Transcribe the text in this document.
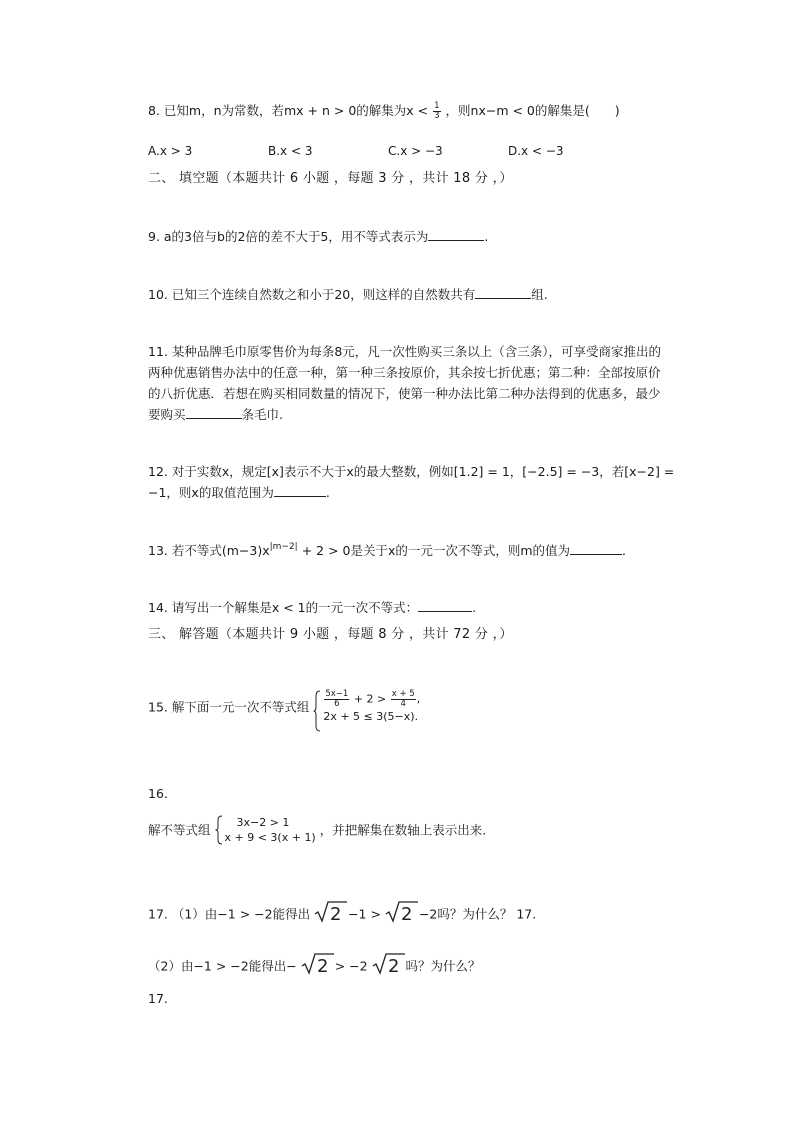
8. 已知m，n为常数，若mx + n > 0的解集为$x < \frac{1}{3}$ ，则nx−m < 0的解集是(　　)
A.x > 3	B.x < 3	C.x > −3	D.x < −3
二、 填空题（本题共计 6 小题 ，每题 3 分 ，共计 18 分 ，）
9. a的3倍与b的2倍的差不大于5，用不等式表示为	.
10. 已知三个连续自然数之和小于20，则这样的自然数共有	组.
11. 某种品牌毛巾原零售价为每条8元，凡一次性购买三条以上（含三条），可享受商家推出的两种优惠销售办法中的任意一种，第一种三条按原价，其余按七折优惠；第二种：全部按原价的八折优惠．若想在购买相同数量的情况下，使第一种办法比第二种办法得到的优惠多，最少要购买	条毛巾.
12. 对于实数x，规定[x]表示不大于x的最大整数，例如[1.2] = 1，[−2.5] = −3，若[x−2] =
−1，则x的取值范围为	.
13. 若不等式$(m-3)x^{|m-2|} + 2 > 0$是关于x的一元一次不等式，则m的值为	.
14. 请写出一个解集是x < 1的一元一次不等式：	.
三、 解答题（本题共计 9 小题 ，每题 8 分 ，共计 72 分 ，）
15. 解下面一元一次不等式组 $\frac{5x-1}{6} + 2 > \frac{x + 5}{4}$ ,
2x + 5 ≤ 3(5−x).
16.
解不等式组	3x−2 > 1
x + 9 < 3(x + 1) ，并把解集在数轴上表示出来.
17. （1）由−1 > −2能得出 2 −1 > 2 −2吗？为什么？ 17.
（2）由−1 > −2能得出− 2 > −2 2 吗？为什么？
17.
